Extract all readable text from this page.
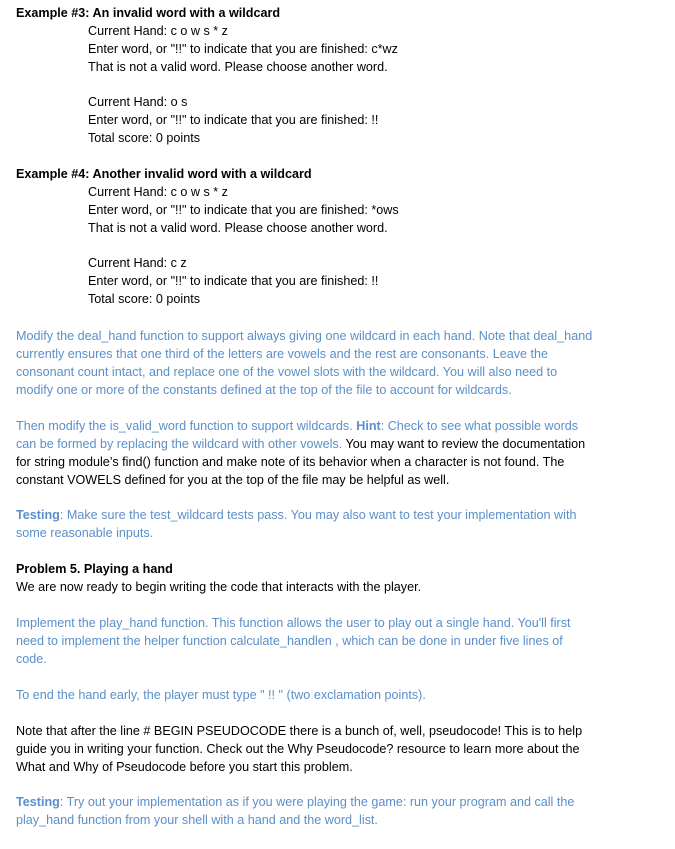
Example #3: An invalid word with a wildcard
Current Hand: c o w s * z
Enter word, or "!!" to indicate that you are finished: c*wz
That is not a valid word. Please choose another word.
Current Hand: o s
Enter word, or "!!" to indicate that you are finished: !!
Total score: 0 points
Example #4: Another invalid word with a wildcard
Current Hand: c o w s * z
Enter word, or "!!" to indicate that you are finished: *ows
That is not a valid word. Please choose another word.
Current Hand: c z
Enter word, or "!!" to indicate that you are finished: !!
Total score: 0 points
Modify the deal_hand function to support always giving one wildcard in each hand. Note that deal_hand
currently ensures that one third of the letters are vowels and the rest are consonants. Leave the
consonant count intact, and replace one of the vowel slots with the wildcard. You will also need to
modify one or more of the constants defined at the top of the file to account for wildcards.
Then modify the is_valid_word function to support wildcards. Hint: Check to see what possible words
can be formed by replacing the wildcard with other vowels. You may want to review the documentation
for string module’s find() function and make note of its behavior when a character is not found. The
constant VOWELS defined for you at the top of the file may be helpful as well.
Testing: Make sure the test_wildcard tests pass. You may also want to test your implementation with
some reasonable inputs.
Problem 5. Playing a hand
We are now ready to begin writing the code that interacts with the player.
Implement the play_hand function. This function allows the user to play out a single hand. You'll first
need to implement the helper function calculate_handlen , which can be done in under five lines of
code.
To end the hand early, the player must type " !! " (two exclamation points).
Note that after the line # BEGIN PSEUDOCODE there is a bunch of, well, pseudocode! This is to help
guide you in writing your function. Check out the Why Pseudocode? resource to learn more about the
What and Why of Pseudocode before you start this problem.
Testing: Try out your implementation as if you were playing the game: run your program and call the
play_hand function from your shell with a hand and the word_list.
